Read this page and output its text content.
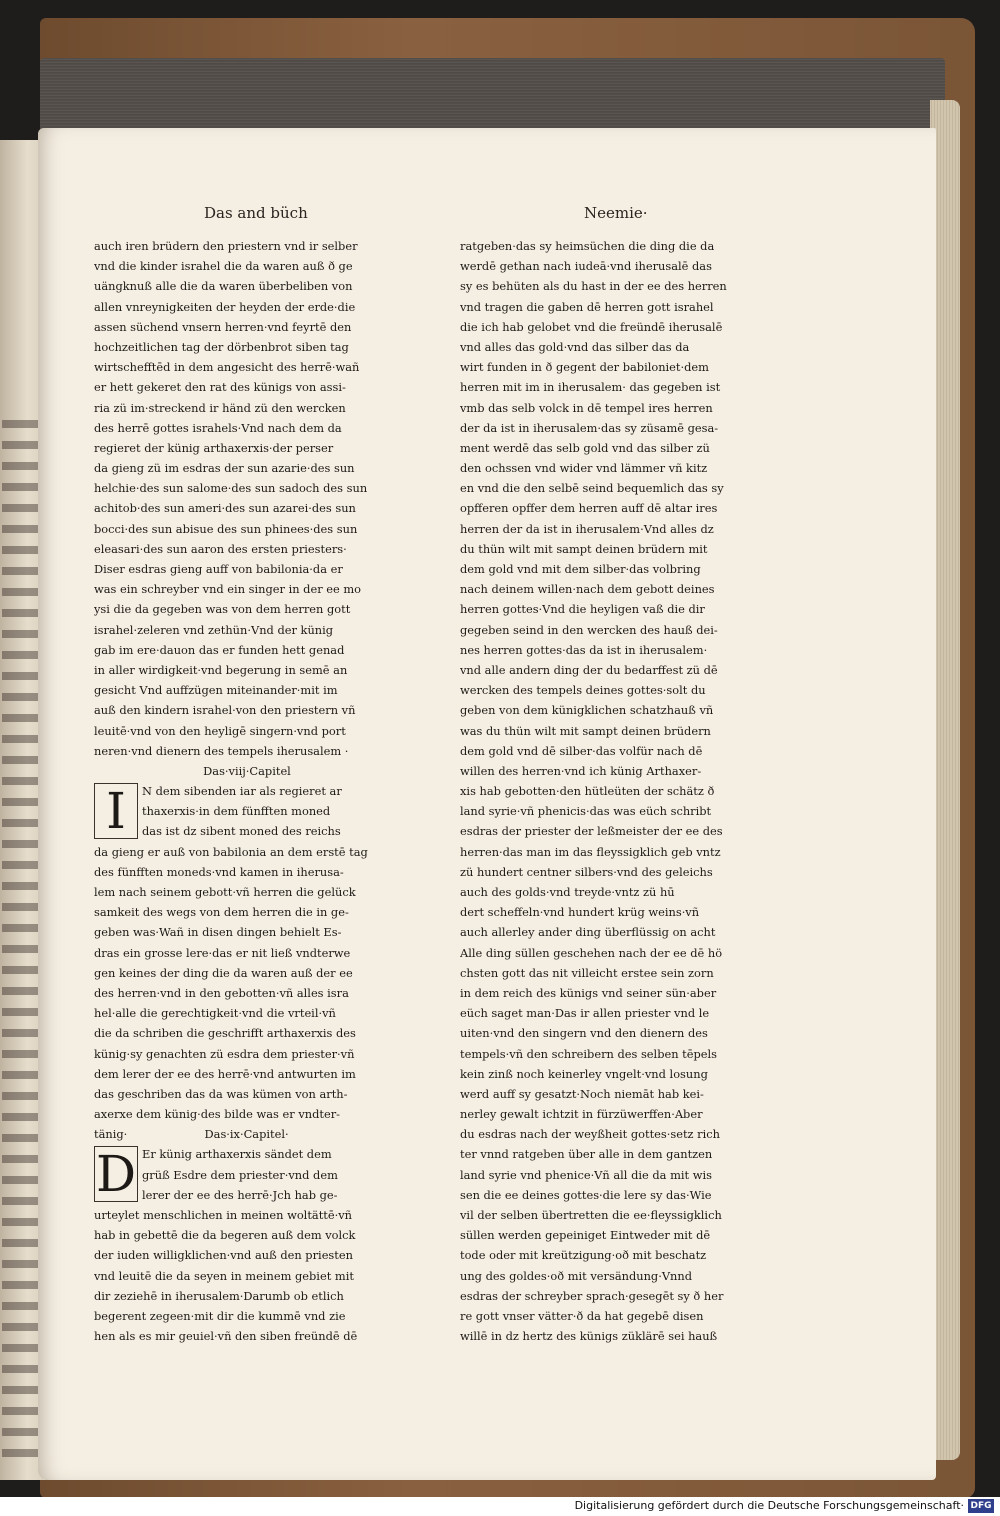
Das and büch	Neemie·
auch iren brüdern den priestern vnd ir selber
vnd die kinder israhel die da waren auß ð ge
uängknuß alle die da waren überbeliben von
allen vnreynigkeiten der heyden der erde·die
assen süchend vnsern herren·vnd feyrtē den
hochzeitlichen tag der dörbenbrot siben tag
wirtschefftēd in dem angesicht des herrē·wañ
er hett gekeret den rat des künigs von assi-
ria zü im·streckend ir händ zü den wercken
des herrē gottes israhels·Vnd nach dem da
regieret der künig arthaxerxis·der perser
da gieng zü im esdras der sun azarie·des sun
helchie·des sun salome·des sun sadoch des sun
achitob·des sun ameri·des sun azarei·des sun
bocci·des sun abisue des sun phinees·des sun
eleasari·des sun aaron des ersten priesters·
Diser esdras gieng auff von babilonia·da er
was ein schreyber vnd ein singer in der ee mo
ysi die da gegeben was von dem herren gott
israhel·zeleren vnd zethün·Vnd der künig
gab im ere·dauon das er funden hett genad
in aller wirdigkeit·vnd begerung in semē an
gesicht Vnd auffzügen miteinander·mit im
auß den kindern israhel·von den priestern vñ
leuitē·vnd von den heyligē singern·vnd port
neren·vnd dienern des tempels iherusalem ·
Das·viij·Capitel
I	N dem sibenden iar als regieret ar
thaxerxis·in dem fünfften moned
das ist dz sibent moned des reichs
da gieng er auß von babilonia an dem erstē tag
des fünfften moneds·vnd kamen in iherusa-
lem nach seinem gebott·vñ herren die gelück
samkeit des wegs von dem herren die in ge-
geben was·Wañ in disen dingen behielt Es-
dras ein grosse lere·das er nit ließ vndterwe
gen keines der ding die da waren auß der ee
des herren·vnd in den gebotten·vñ alles isra
hel·alle die gerechtigkeit·vnd die vrteil·vñ
die da schriben die geschrifft arthaxerxis des
künig·sy genachten zü esdra dem priester·vñ
dem lerer der ee des herrē·vnd antwurten im
das geschriben das da was kümen von arth-
axerxe dem künig·des bilde was er vndter-
tänig·	Das·ix·Capitel·
D Er künig arthaxerxis sändet dem
grüß Esdre dem priester·vnd dem
lerer der ee des herrē·Jch hab ge-
urteylet menschlichen in meinen woltättē·vñ
hab in gebettē die da begeren auß dem volck
der iuden willigklichen·vnd auß den priesten
vnd leuitē die da seyen in meinem gebiet mit
dir zeziehē in iherusalem·Darumb ob etlich
begerent zegeen·mit dir die kummē vnd zie
hen als es mir geuiel·vñ den siben freündē dē
ratgeben·das sy heimsüchen die ding die da
werdē gethan nach iudeā·vnd iherusalē das
sy es behüten als du hast in der ee des herren
vnd tragen die gaben dē herren gott israhel
die ich hab gelobet vnd die freündē iherusalē
vnd alles das gold·vnd das silber das da
wirt funden in ð gegent der babiloniet·dem
herren mit im in iherusalem· das gegeben ist
vmb das selb volck in dē tempel ires herren
der da ist in iherusalem·das sy züsamē gesa-
ment werdē das selb gold vnd das silber zü
den ochssen vnd wider vnd lämmer vñ kitz
en vnd die den selbē seind bequemlich das sy
opfferen opffer dem herren auff dē altar ires
herren der da ist in iherusalem·Vnd alles dz
du thün wilt mit sampt deinen brüdern mit
dem gold vnd mit dem silber·das volbring
nach deinem willen·nach dem gebott deines
herren gottes·Vnd die heyligen vaß die dir
gegeben seind in den wercken des hauß dei-
nes herren gottes·das da ist in iherusalem·
vnd alle andern ding der du bedarffest zü dē
wercken des tempels deines gottes·solt du
geben von dem künigklichen schatzhauß vñ
was du thün wilt mit sampt deinen brüdern
dem gold vnd dē silber·das volfür nach dē
willen des herren·vnd ich künig Arthaxer-
xis hab gebotten·den hütleüten der schätz ð
land syrie·vñ phenicis·das was eüch schribt
esdras der priester der leßmeister der ee des
herren·das man im das fleyssigklich geb vntz
zü hundert centner silbers·vnd des geleichs
auch des golds·vnd treyde·vntz zü hū
dert scheffeln·vnd hundert krüg weins·vñ
auch allerley ander ding überflüssig on acht
Alle ding süllen geschehen nach der ee dē hö
chsten gott das nit villeicht erstee sein zorn
in dem reich des künigs vnd seiner sün·aber
eüch saget man·Das ir allen priester vnd le
uiten·vnd den singern vnd den dienern des
tempels·vñ den schreibern des selben tēpels
kein zinß noch keinerley vngelt·vnd losung
werd auff sy gesatzt·Noch niemāt hab kei-
nerley gewalt ichtzit in fürzüwerffen·Aber
du esdras nach der weyßheit gottes·setz rich
ter vnnd ratgeben über alle in dem gantzen
land syrie vnd phenice·Vñ all die da mit wis
sen die ee deines gottes·die lere sy das·Wie
vil der selben übertretten die ee·fleyssigklich
süllen werden gepeiniget Eintweder mit dē
tode oder mit kreützigung·oð mit beschatz
ung des goldes·oð mit versändung·Vnnd
esdras der schreyber sprach·gesegēt sy ð her
re gott vnser vätter·ð da hat gegebē disen
willē in dz hertz des künigs züklärē sei hauß
Digitalisierung gefördert durch die Deutsche Forschungsgemeinschaft· DFG
